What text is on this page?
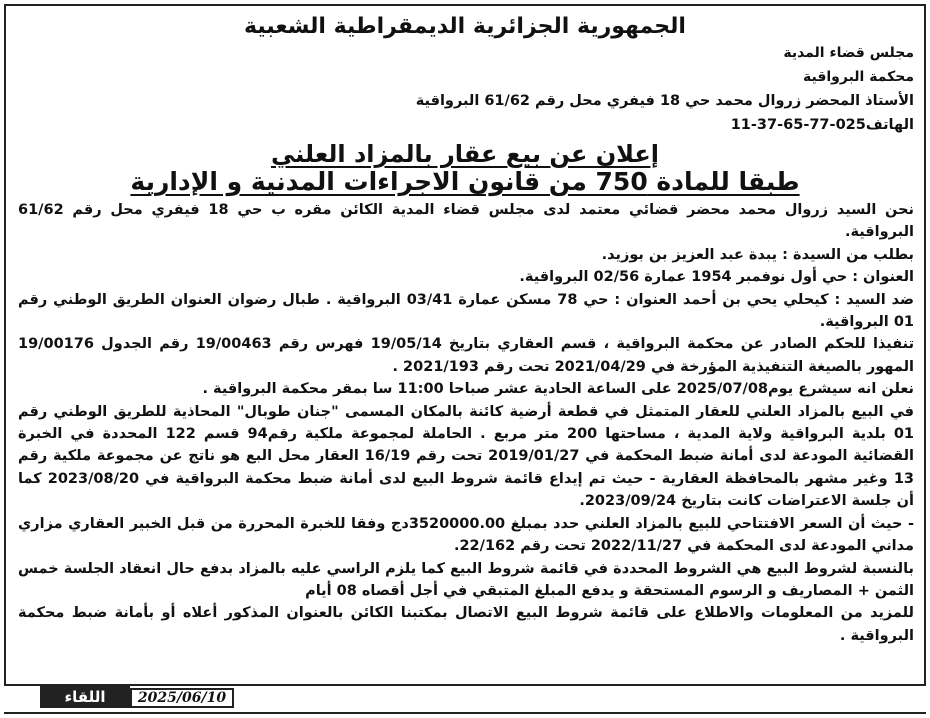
الجمهورية الجزائرية الديمقراطية الشعبية
مجلس قضاء المدية
محكمة البرواقية
الأستاذ المحضر زروال محمد حي 18 فيفري محل رقم 61/62 البرواقية
الهاتف025-77-65-37-11
إعلان عن بيع عقار بالمزاد العلني
طبقا للمادة 750 من قانون الاجراءات المدنية و الإدارية
نحن السيد زروال محمد محضر قضائي معتمد لدى مجلس قضاء المدية الكائن مقره ب حي 18 فيفري محل رقم 61/62 البرواقية.
بطلب من السيدة : يبدة عبد العزيز بن بوزيد.
العنوان : حي أول نوفمبر 1954 عمارة 02/56 البرواقية.
ضد السيد : كيحلي يحي بن أحمد العنوان : حي 78 مسكن عمارة 03/41 البرواقية . طبال رضوان العنوان الطريق الوطني رقم 01 البرواقية.
تنفيذا للحكم الصادر عن محكمة البرواقية ، قسم العقاري بتاريخ 19/05/14 فهرس رقم 19/00463 رقم الجدول 19/00176 المهور بالصيغة التنفيذية المؤرخة في 2021/04/29 تحت رقم 2021/193 .
نعلن انه سيشرع يوم2025/07/08 على الساعة الحادية عشر صباحا 11:00 سا بمقر محكمة البرواقية .
في البيع بالمزاد العلني للعقار المتمثل في قطعة أرضية كائنة بالمكان المسمى "جنان طوبال" المحاذية للطريق الوطني رقم 01 بلدية البرواقية ولاية المدية ، مساحتها 200 متر مربع . الحاملة لمجموعة ملكية رقم94 قسم 122 المحددة في الخبرة القضائية المودعة لدى أمانة ضبط المحكمة في 2019/01/27 تحت رقم 16/19 العقار محل البع هو ناتج عن مجموعة ملكية رقم 13 وغير مشهر بالمحافظة العقارية - حيث تم إيداع قائمة شروط البيع لدى أمانة ضبط محكمة البرواقية في 2023/08/20 كما أن جلسة الاعتراضات كانت بتاريخ 2023/09/24.
- حيث أن السعر الافتتاحي للبيع بالمزاد العلني حدد بمبلغ 3520000.00دج وفقا للخبرة المحررة من قبل الخبير العقاري مزاري مداني المودعة لدى المحكمة في 2022/11/27 تحت رقم 22/162.
بالنسبة لشروط البيع هي الشروط المحددة في قائمة شروط البيع كما يلزم الراسي عليه بالمزاد بدفع حال انعقاد الجلسة خمس الثمن + المصاريف و الرسوم المستحقة و يدفع المبلغ المتبقي في أجل أقصاه 08 أيام
للمزيد من المعلومات والاطلاع على قائمة شروط البيع الاتصال بمكتبنا الكائن بالعنوان المذكور أعلاه أو بأمانة ضبط محكمة البرواقية .
اللقاء	2025/06/10
